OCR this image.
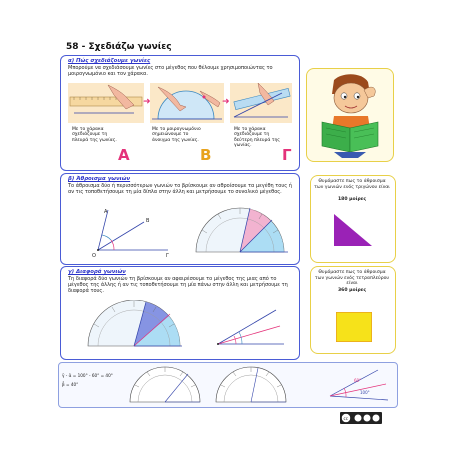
58 - Σχεδιάζω γωνίες
α) Πώς σχεδιάζουμε γωνίες
Μπορούμε να σχεδιάσουμε γωνίες στο μέγεθος που θέλουμε χρησιμοποιώντας το μοιρογνωμόνιο και τον χάρακα.
➜	➜
Με το χάρακα σχεδιάζουμε τη πλευρά της γωνίας.
Με το μοιρογνωμόνιο σημειώνουμε το άνοιγμα της γωνίας.
Με το χάρακα σχεδιάζουμε τη δεύτερη πλευρά της γωνίας.
A	B	Γ
β) Άθροισμα γωνιών
Το άθροισμα δύο ή περισσότερων γωνιών το βρίσκουμε αν αθροίσουμε τα μεγέθη τους ή αν τις τοποθετήσουμε τη μία δίπλα στην άλλη και μετρήσουμε το συνολικό μέγεθος.
A
B
Γ
O
Θυμόμαστε πως το άθροισμα των γωνιών ενός τριγώνου είναι
180 μοίρες
γ) Διαφορά γωνιών
Τη διαφορά δύο γωνιών τη βρίσκουμε αν αφαιρέσουμε το μέγεθος της μιας από το μέγεθος της άλλης ή αν τις τοποθετήσουμε τη μία πάνω στην άλλη και μετρήσουμε τη διαφορά τους.
Θυμόμαστε πως το άθροισμα των γωνιών ενός τετραπλεύρου είναι
360 μοίρες
γ̂ - α̂ = 100° - 60° = 40°
β̂ = 40°
60°
100°
cc
